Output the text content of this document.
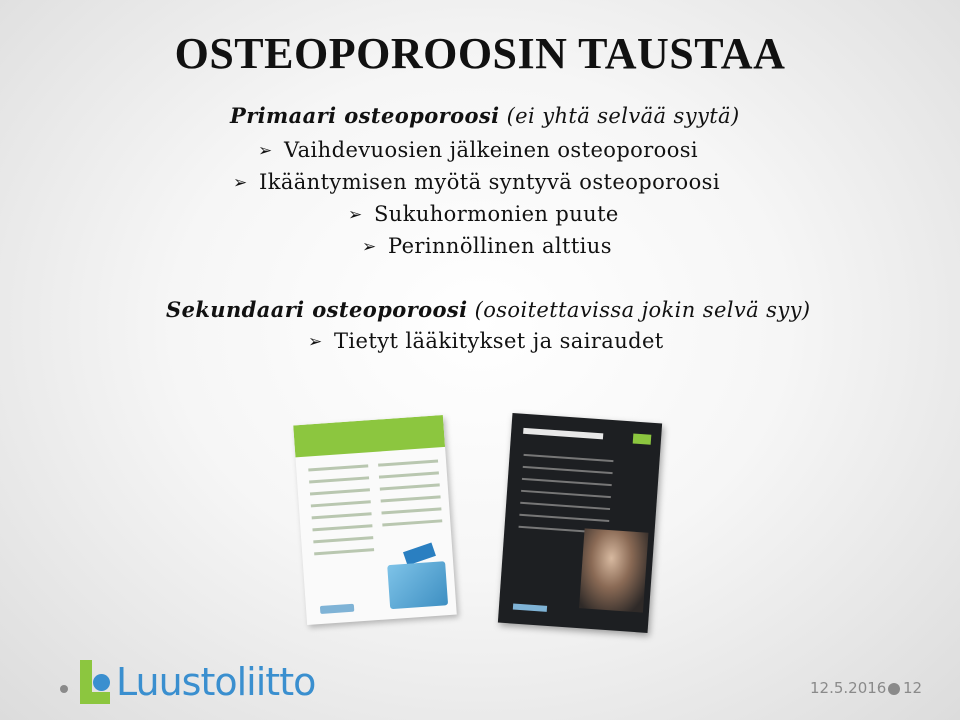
OSTEOPOROOSIN TAUSTAA
Primaari osteoporoosi (ei yhtä selvää syytä)
➢ Vaihdevuosien jälkeinen osteoporoosi
➢ Ikääntymisen myötä syntyvä osteoporoosi
➢ Sukuhormonien puute
➢ Perinnöllinen alttius
Sekundaari osteoporoosi (osoitettavissa jokin selvä syy)
➢ Tietyt lääkitykset ja sairaudet
Luustoliitto	12.5.2016 12
